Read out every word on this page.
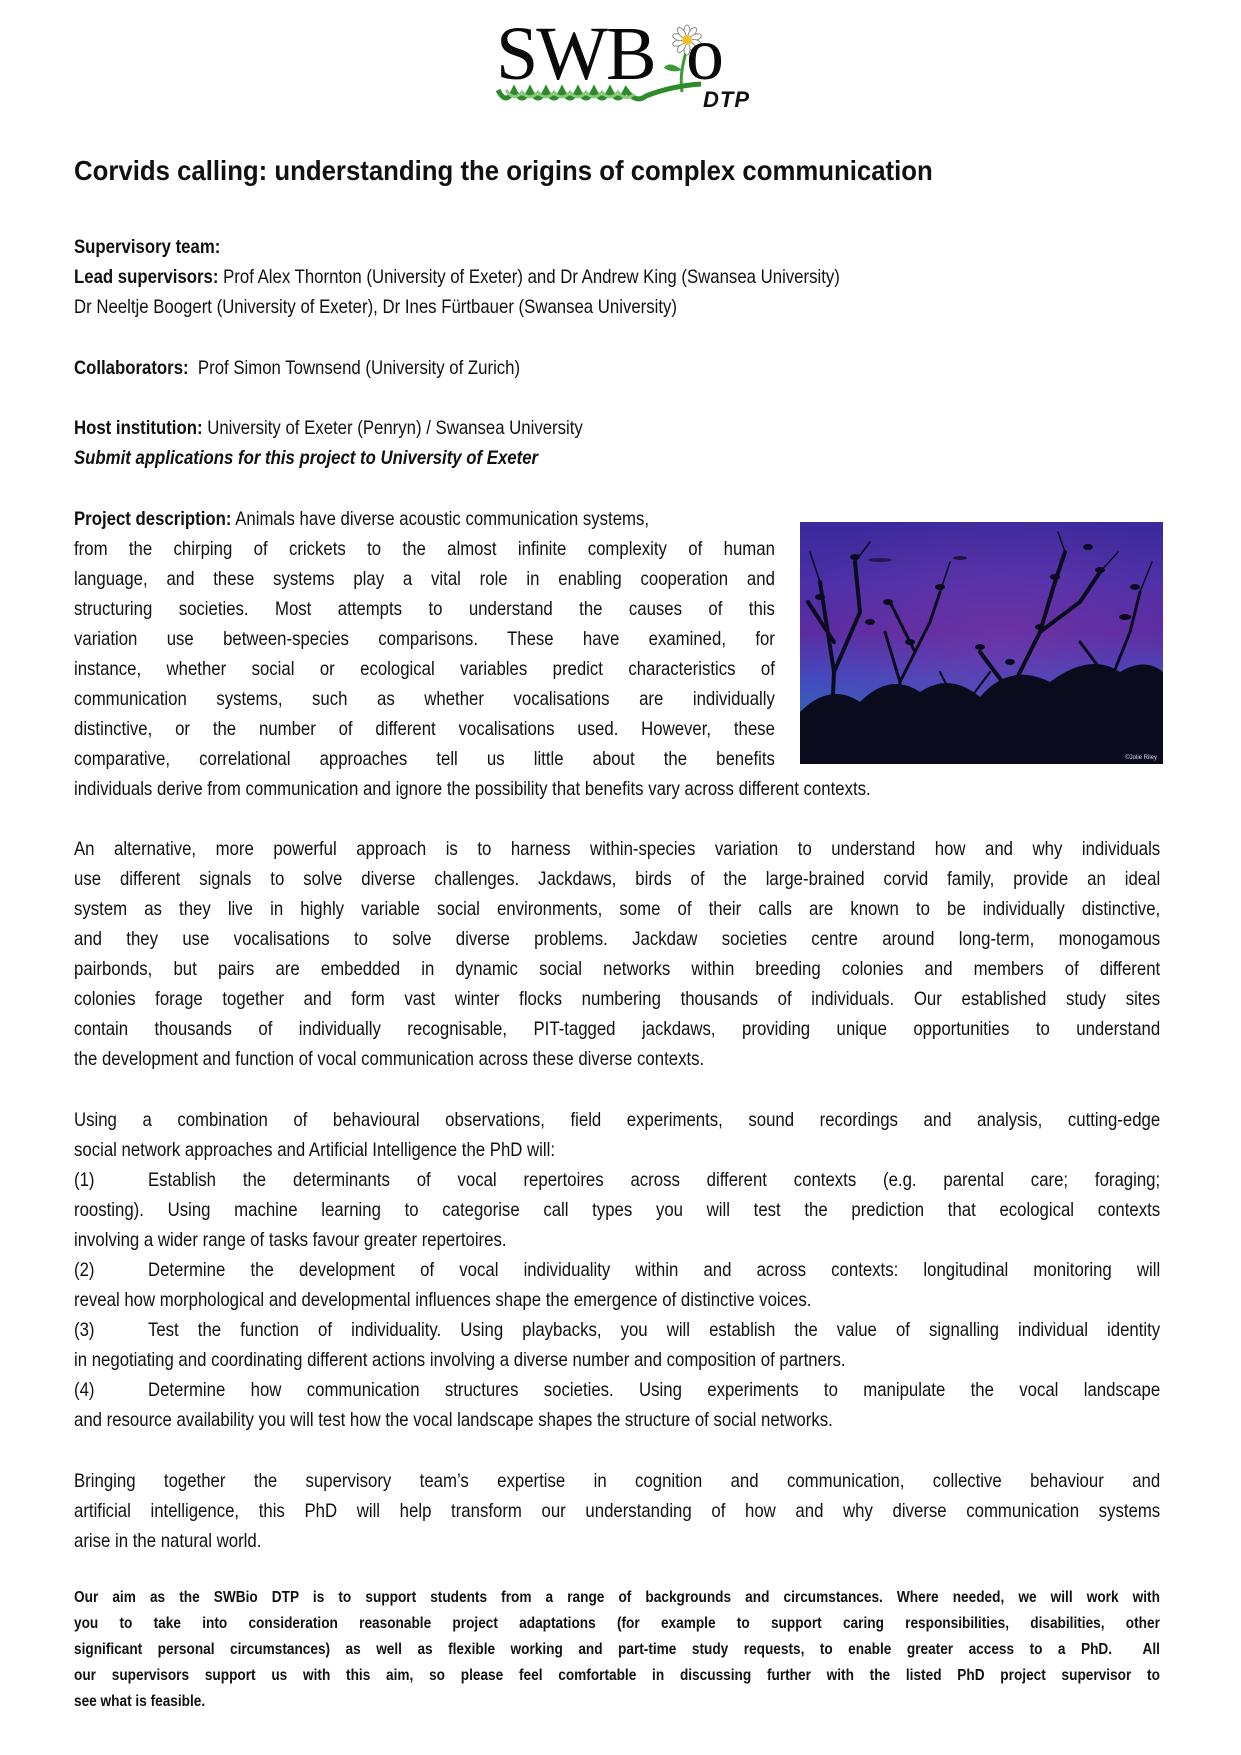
SWB o
DTP
Corvids calling: understanding the origins of complex communication
Supervisory team:
Lead supervisors: Prof Alex Thornton (University of Exeter) and Dr Andrew King (Swansea University)
Dr Neeltje Boogert (University of Exeter), Dr Ines Fürtbauer (Swansea University)
Collaborators:  Prof Simon Townsend (University of Zurich)
Host institution: University of Exeter (Penryn) / Swansea University
Submit applications for this project to University of Exeter
©Jolie Riley
Project description: Animals have diverse acoustic communication systems,
from the chirping of crickets to the almost infinite complexity of human
language, and these systems play a vital role in enabling cooperation and
structuring societies. Most attempts to understand the causes of this
variation use between-species comparisons. These have examined, for
instance, whether social or ecological variables predict characteristics of
communication systems, such as whether vocalisations are individually
distinctive, or the number of different vocalisations used. However, these
comparative, correlational approaches tell us little about the benefits
individuals derive from communication and ignore the possibility that benefits vary across different contexts.
An alternative, more powerful approach is to harness within-species variation to understand how and why individuals
use different signals to solve diverse challenges. Jackdaws, birds of the large-brained corvid family, provide an ideal
system as they live in highly variable social environments, some of their calls are known to be individually distinctive,
and they use vocalisations to solve diverse problems. Jackdaw societies centre around long-term, monogamous
pairbonds, but pairs are embedded in dynamic social networks within breeding colonies and members of different
colonies forage together and form vast winter flocks numbering thousands of individuals. Our established study sites
contain thousands of individually recognisable, PIT-tagged jackdaws, providing unique opportunities to understand
the development and function of vocal communication across these diverse contexts.
Using a combination of behavioural observations, field experiments, sound recordings and analysis, cutting-edge
social network approaches and Artificial Intelligence the PhD will:
(1)	Establish the determinants of vocal repertoires across different contexts (e.g. parental care; foraging;
roosting). Using machine learning to categorise call types you will test the prediction that ecological contexts
involving a wider range of tasks favour greater repertoires.
(2)	Determine the development of vocal individuality within and across contexts: longitudinal monitoring will
reveal how morphological and developmental influences shape the emergence of distinctive voices.
(3)	Test the function of individuality. Using playbacks, you will establish the value of signalling individual identity
in negotiating and coordinating different actions involving a diverse number and composition of partners.
(4)	Determine how communication structures societies. Using experiments to manipulate the vocal landscape
and resource availability you will test how the vocal landscape shapes the structure of social networks.
Bringing together the supervisory team’s expertise in cognition and communication, collective behaviour and
artificial intelligence, this PhD will help transform our understanding of how and why diverse communication systems
arise in the natural world.
Our aim as the SWBio DTP is to support students from a range of backgrounds and circumstances. Where needed, we will work with
you to take into consideration reasonable project adaptations (for example to support caring responsibilities, disabilities, other
significant personal circumstances) as well as flexible working and part-time study requests, to enable greater access to a PhD.  All
our supervisors support us with this aim, so please feel comfortable in discussing further with the listed PhD project supervisor to
see what is feasible.
